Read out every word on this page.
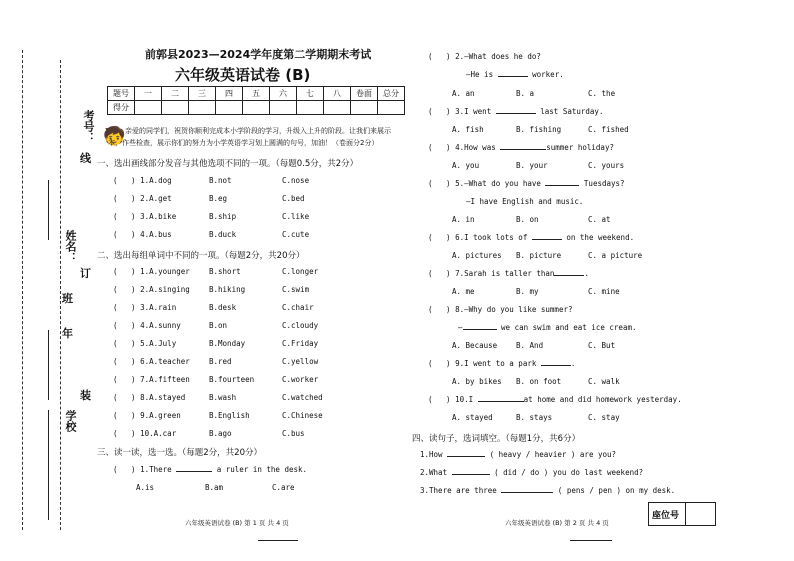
考号：
姓名：
年
班
学校
线
订
装
前郭县2023—2024学年度第二学期期末考试
六年级英语试卷 (B)
题号	一	二	三	四	五	六	七	八	卷面	总分
得分										
🧒 亲爱的同学们，祝贺你顺利完成本小学阶段的学习，升级入上升的阶段。让我们来展示
本，作些检查，展示你们的努力为小学英语学习划上圆满的句号，加油！（卷面分2分）
一、选出画线部分发音与其他选项不同的一项。（每题0.5分，共2分）
(   ) 1.A.dog	B.not	C.nose
(   ) 2.A.get	B.eg	C.bed
(   ) 3.A.bike	B.ship	C.like
(   ) 4.A.bus	B.duck	C.cute
二、选出每组单词中不同的一项。（每题2分，共20分）
(   ) 1.A.younger	B.short	C.longer
(   ) 2.A.singing	B.hiking	C.swim
(   ) 3.A.rain	B.desk	C.chair
(   ) 4.A.sunny	B.on	C.cloudy
(   ) 5.A.July	B.Monday	C.Friday
(   ) 6.A.teacher	B.red	C.yellow
(   ) 7.A.fifteen	B.fourteen	C.worker
(   ) 8.A.stayed	B.wash	C.watched
(   ) 9.A.green	B.English	C.Chinese
(   ) 10.A.car	B.ago	C.bus
三、读一读，选一选。（每题2分，共20分）
(   ) 1.There	a ruler in the desk.
A.is	B.am	C.are
六年级英语试卷 (B) 第 1 页 共 4 页
(   ) 2.—What does he do?
—He is	worker.
A. an	B. a	C. the
(   ) 3.I went	last Saturday.
A. fish	B. fishing	C. fished
(   ) 4.How was	summer holiday?
A. you	B. your	C. yours
(   ) 5.—What do you have	Tuesdays?
—I have English and music.
A. in	B. on	C. at
(   ) 6.I took lots of	on the weekend.
A. pictures B. picture	C. a picture
(   ) 7.Sarah is taller than	.
A. me	B. my	C. mine
(   ) 8.—Why do you like summer?
—	we can swim and eat ice cream.
A. Because	B. And	C. But
(   ) 9.I went to a park	.
A. by bikes B. on foot	C. walk
(   ) 10.I	at home and did homework yesterday.
A. stayed	B. stays	C. stay
四、读句子，选词填空。（每题1分，共6分）
1.How	( heavy / heavier ) are you?
2.What	( did / do ) you do last weekend?
3.There are three	( pens / pen ) on my desk.
六年级英语试卷 (B) 第 2 页 共 4 页
座位号
